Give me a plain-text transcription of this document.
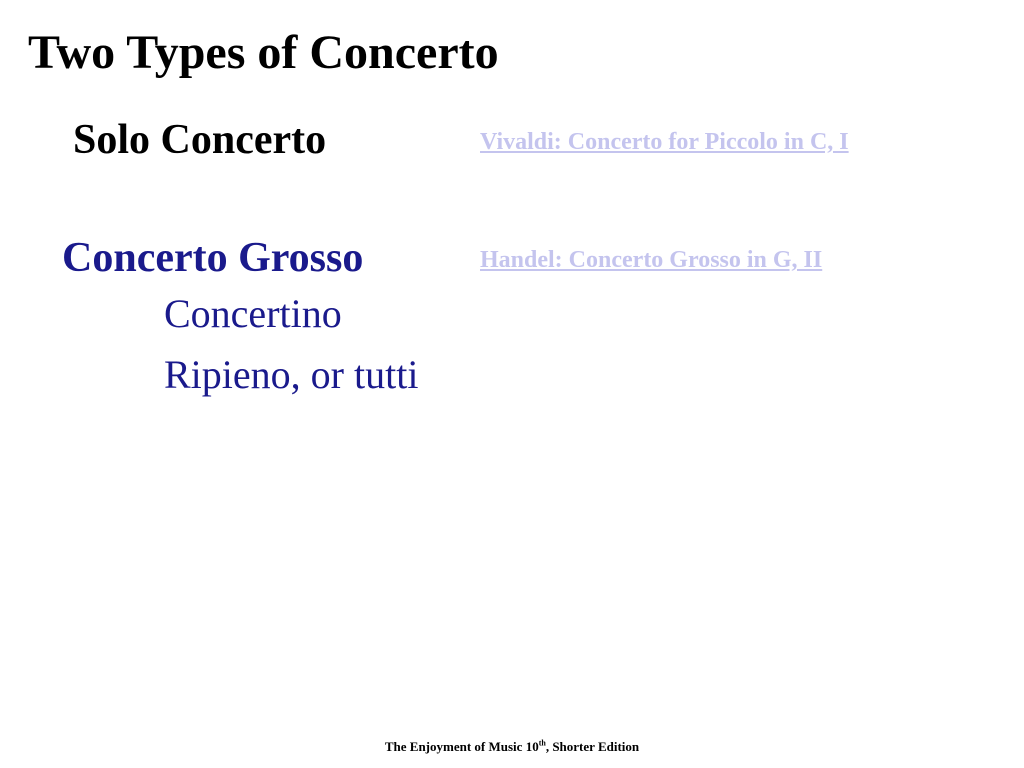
Two Types of Concerto
Solo Concerto	Vivaldi: Concerto for Piccolo in C, I
Concerto Grosso	Handel: Concerto Grosso in G, II
Concertino
Ripieno, or tutti
The Enjoyment of Music 10th, Shorter Edition
